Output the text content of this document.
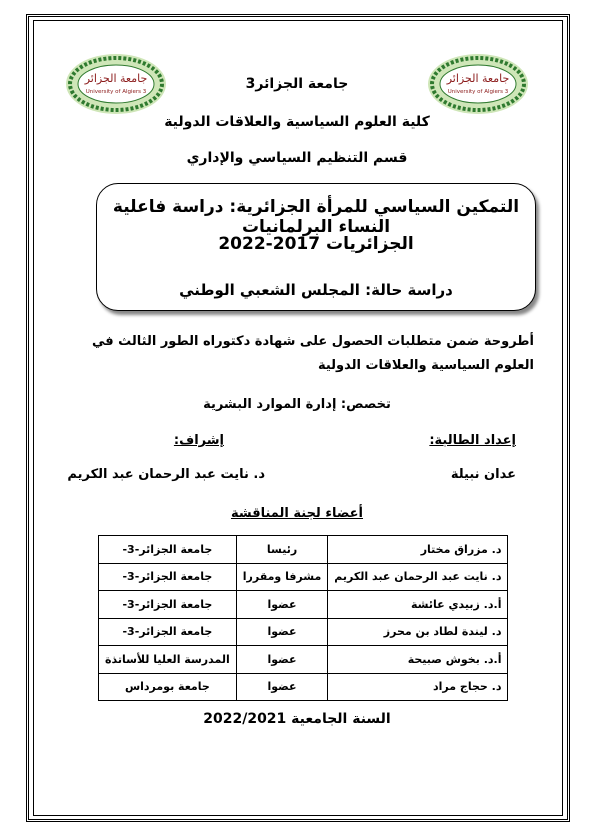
جامعة الجزائر
University of Algiers 3
جامعة الجزائر
University of Algiers 3
جامعة الجزائر3
كلية العلوم السياسية والعلاقات الدولية
قسم التنظيم السياسي والإداري
التمكين السياسي للمرأة الجزائرية: دراسة فاعلية النساء البرلمانيات
الجزائريات 2017-2022
دراسة حالة: المجلس الشعبي الوطني
أطروحة ضمن متطلبات الحصول على شهادة دكتوراه الطور الثالث في العلوم السياسية والعلاقات الدولية
تخصص: إدارة الموارد البشرية
إعداد الطالبة:
إشراف:
عدان نبيلة
د. نايت عبد الرحمان عبد الكريم
أعضاء لجنة المناقشة
د. مزراق مختار	رئيسا	جامعة الجزائر-3-
د. نايت عبد الرحمان عبد الكريم	مشرفا ومقررا	جامعة الجزائر-3-
أ.د. زبيدي عائشة	عضوا	جامعة الجزائر-3-
د. ليندة لطاد بن محرز	عضوا	جامعة الجزائر-3-
أ.د. بخوش صبيحة	عضوا	المدرسة العليا للأساتذة
د. حجاج مراد	عضوا	جامعة بومرداس
السنة الجامعية 2022/2021
